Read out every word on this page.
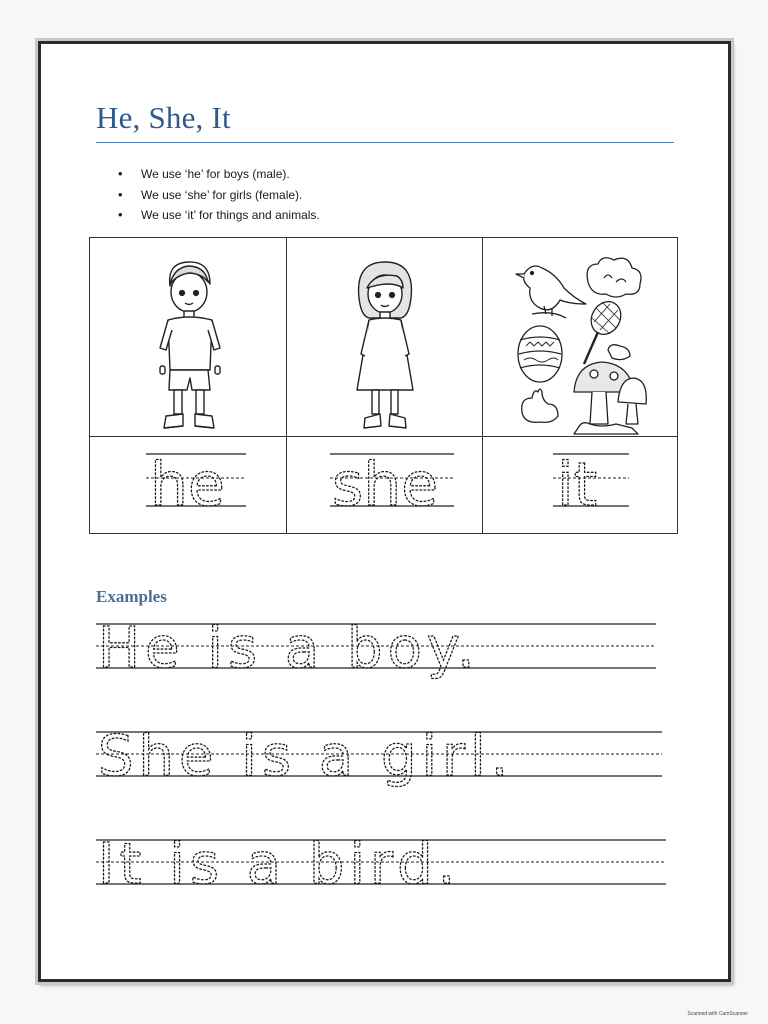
He, She, It
• We use ‘he’ for boys (male).
• We use ‘she’ for girls (female).
• We use ‘it’ for things and animals.
he she it
Examples
He is a boy.
She is a girl.
It is a bird.
Scanned with CamScanner
